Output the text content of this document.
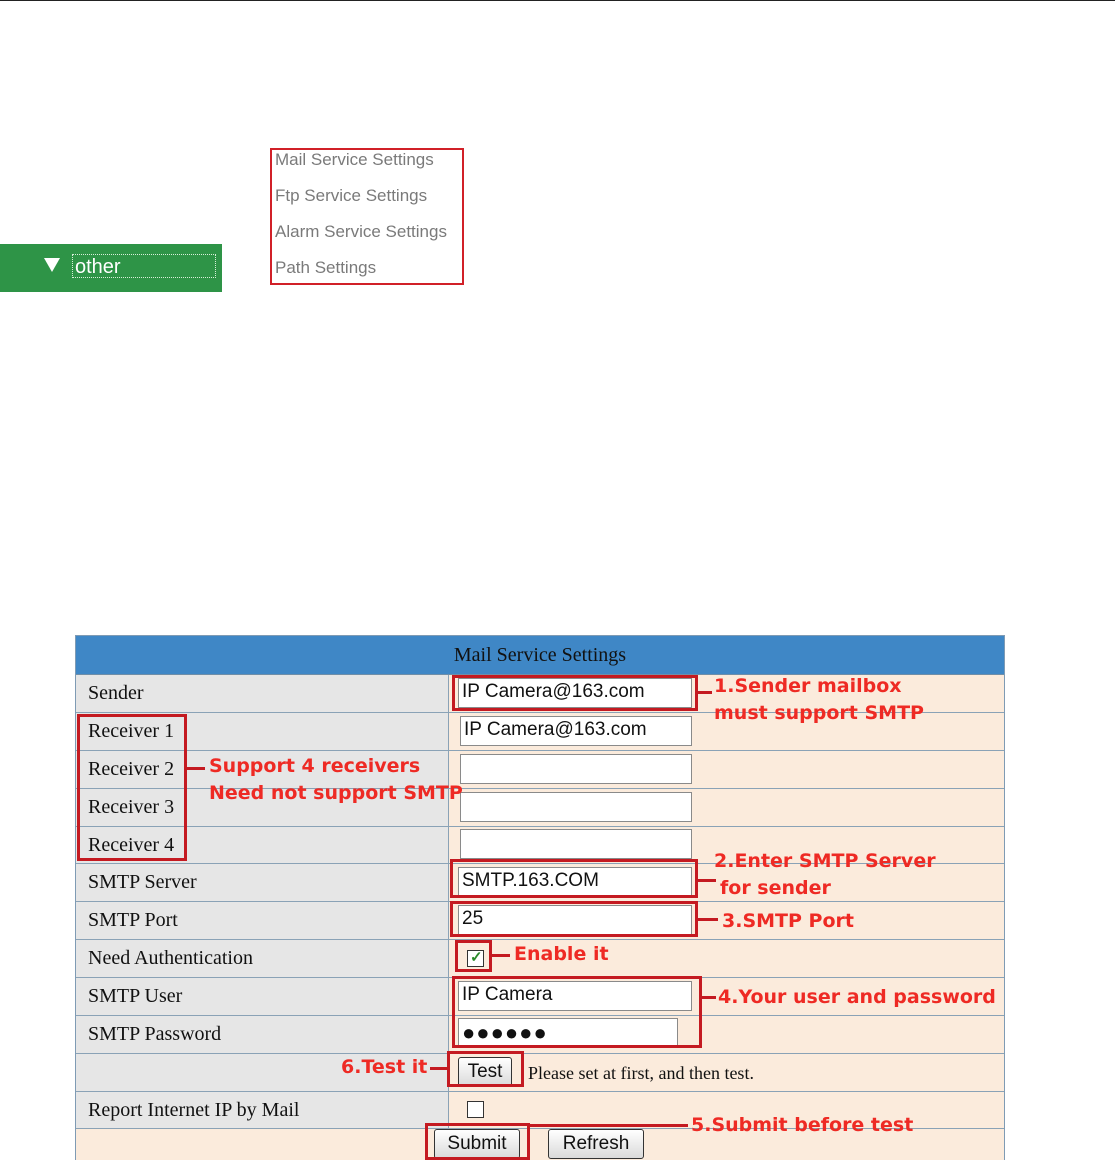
other
Mail Service Settings
Ftp Service Settings
Alarm Service Settings
Path Settings
Mail Service Settings
Sender	IP Camera@163.com
Receiver 1	IP Camera@163.com
Receiver 2
Receiver 3
Receiver 4
SMTP Server	SMTP.163.COM
SMTP Port	25
Need Authentication	✓
SMTP User	IP Camera
SMTP Password	●●●●●●
Test	Please set at first, and then test.
Report Internet IP by Mail
Submit	Refresh
1.Sender mailbox
must support SMTP
Support 4 receivers
Need not support SMTP
2.Enter SMTP Server
for sender
3.SMTP Port
Enable it
4.Your user and password
6.Test it
5.Submit before test
